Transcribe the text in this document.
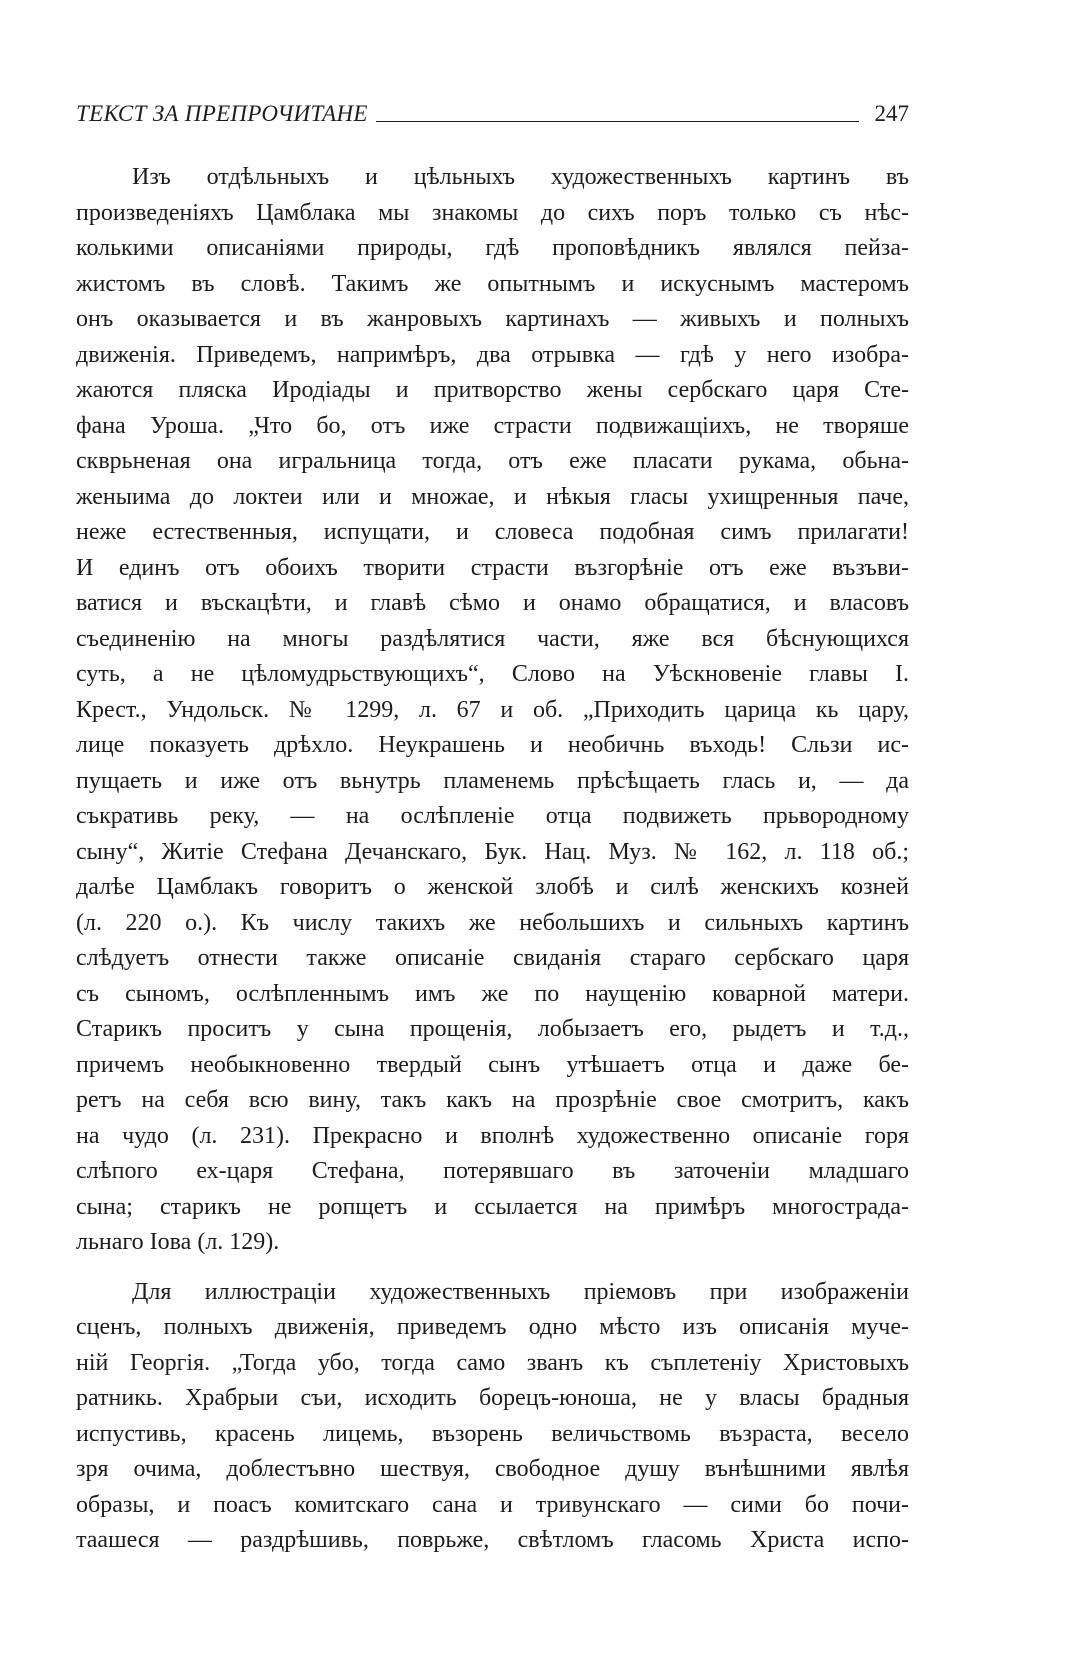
ТЕКСТ ЗА ПРЕПРОЧИТАНЕ	247
Изъ отдѣльныхъ и цѣльныхъ художественныхъ картинъ въ
произведеніяхъ Цамблака мы знакомы до сихъ поръ только съ нѣс-
колькими описаніями природы, гдѣ проповѣдникъ являлся пейза-
жистомъ въ словѣ. Такимъ же опытнымъ и искуснымъ мастеромъ
онъ оказывается и въ жанровыхъ картинахъ — живыхъ и полныхъ
движенія. Приведемъ, напримѣръ, два отрывка — гдѣ у него изобра-
жаются пляска Иродіады и притворство жены сербскаго царя Сте-
фана Уроша. „Что бо, отъ иже страсти подвижащіихъ, не творяше
скврьненая она игральница тогда, отъ еже пласати рукама, обьна-
женыима до локтеи или и множае, и нѣкыя гласы ухищренныя паче,
неже естественныя, испущати, и словеса подобная симъ прилагати!
И единъ отъ обоихъ творити страсти възгорѣніе отъ еже възъви-
ватися и въскацѣти, и главѣ сѣмо и онамо обращатися, и власовъ
съединенію на многы раздѣлятися части, яже вся бѣснующихся
суть, а не цѣломудрьствующихъ“, Слово на Уѣскновеніе главы І.
Крест., Ундольск. № 1299, л. 67 и об. „Приходить царица кь цару,
лице показуеть дрѣхло. Неукрашень и необичнь въходь! Сльзи ис-
пущаеть и иже отъ вьнутрь пламенемь прѣсѣщаеть глась и, — да
съкративь реку, — на ослѣпленіе отца подвижеть прьвородному
сыну“, Житіе Стефана Дечанскаго, Бук. Нац. Муз. № 162, л. 118 об.;
далѣе Цамблакъ говоритъ о женской злобѣ и силѣ женскихъ козней
(л. 220 о.). Къ числу такихъ же небольшихъ и сильныхъ картинъ
слѣдуетъ отнести также описаніе свиданія стараго сербскаго царя
съ сыномъ, ослѣпленнымъ имъ же по наущенію коварной матери.
Старикъ проситъ у сына прощенія, лобызаетъ его, рыдетъ и т.д.,
причемъ необыкновенно твердый сынъ утѣшаетъ отца и даже бе-
ретъ на себя всю вину, такъ какъ на прозрѣніе свое смотритъ, какъ
на чудо (л. 231). Прекрасно и вполнѣ художественно описаніе горя
слѣпого ех-царя Стефана, потерявшаго въ заточеніи младшаго
сына; старикъ не ропщетъ и ссылается на примѣръ многострада-
льнаго Іова (л. 129).
Для иллюстраціи художественныхъ пріемовъ при изображеніи
сценъ, полныхъ движенія, приведемъ одно мѣсто изъ описанія муче-
ній Георгія. „Тогда убо, тогда само званъ къ съплетеніу Христовыхъ
ратникь. Храбрыи съи, исходить борецъ-юноша, не у власы брадныя
испустивь, красень лицемь, възорень величьствомь възраста, весело
зря очима, доблестъвно шествуя, свободное душу вънѣшними явлѣя
образы, и поасъ комитскаго сана и тривунскаго — сими бо почи-
таашеся — раздрѣшивь, поврьже, свѣтломъ гласомь Христа испо-
